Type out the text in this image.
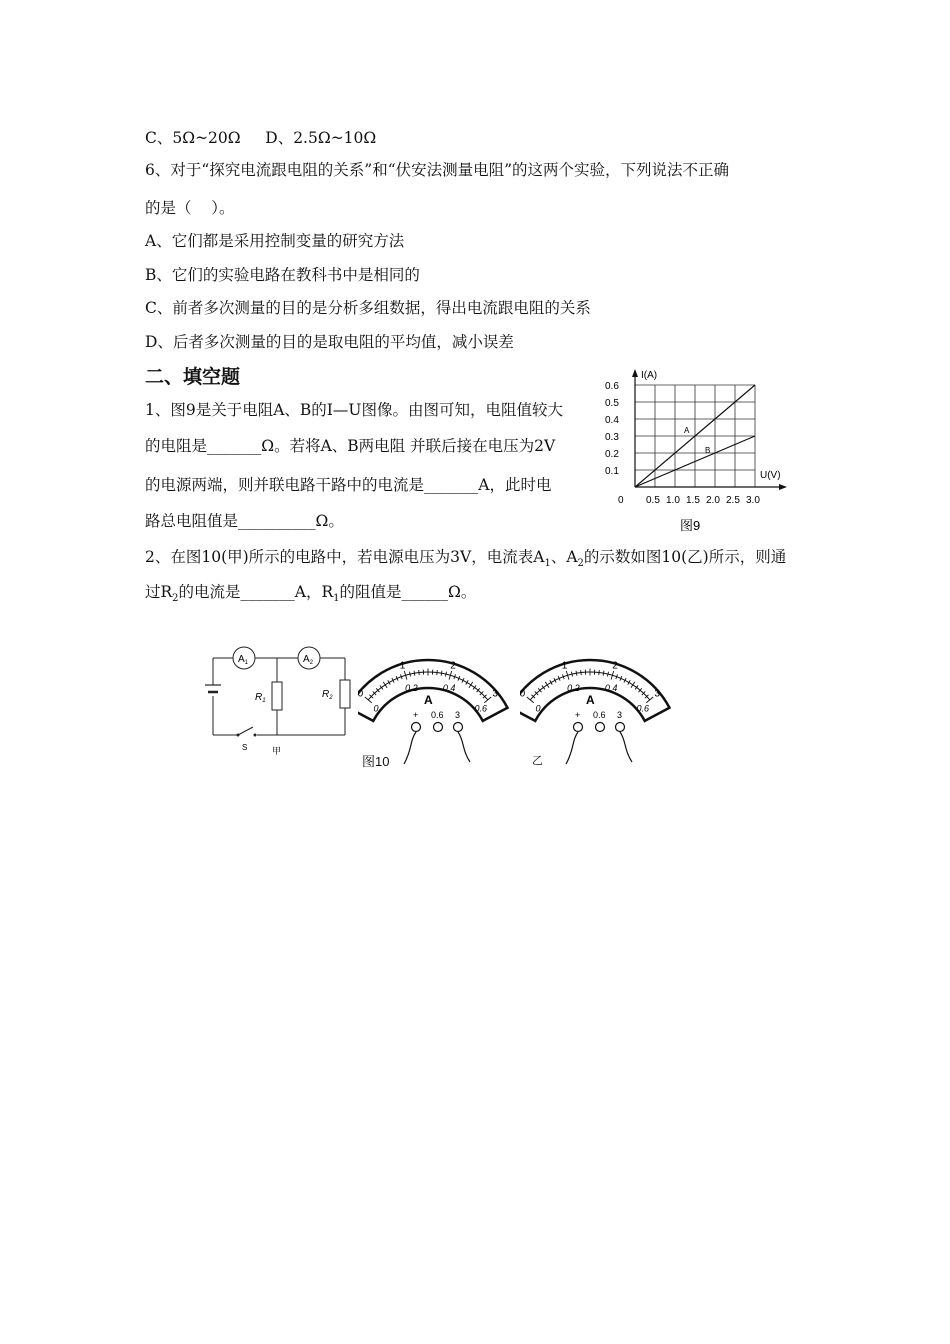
C、5Ω~20Ω     D、2.5Ω~10Ω
6、对于“探究电流跟电阻的关系”和“伏安法测量电阻”的这两个实验，下列说法不正确
的是（    ）。
A、它们都是采用控制变量的研究方法
B、它们的实验电路在教科书中是相同的
C、前者多次测量的目的是分析多组数据，得出电流跟电阻的关系
D、后者多次测量的目的是取电阻的平均值，减小误差
二、填空题
1、图9是关于电阻A、B的I—U图像。由图可知，电阻值较大
的电阻是_______Ω。若将A、B两电阻 并联后接在电压为2V
的电源两端，则并联电路干路中的电流是_______A，此时电
路总电阻值是__________Ω。
2、在图10(甲)所示的电路中，若电源电压为3V，电流表$A_1$、$A_2$的示数如图10(乙)所示，则通
过$R_2$的电流是_______A，$R_1$的阻值是______Ω。
I(A)
U(V)
0
0.1
0.2
0.3
0.4
0.5
0.6
0.5 1.0 1.5 2.0 2.5 3.0
A
B
图9
$A_1$	$A_2$
$R_1$
$R_2$
S	甲
图10	乙
0
1	2
3
0
0.2	0.4
0.6
A
+ 0.6 3
0
1	2
3
0
0.2	0.4
0.6
A
+ 0.6 3
